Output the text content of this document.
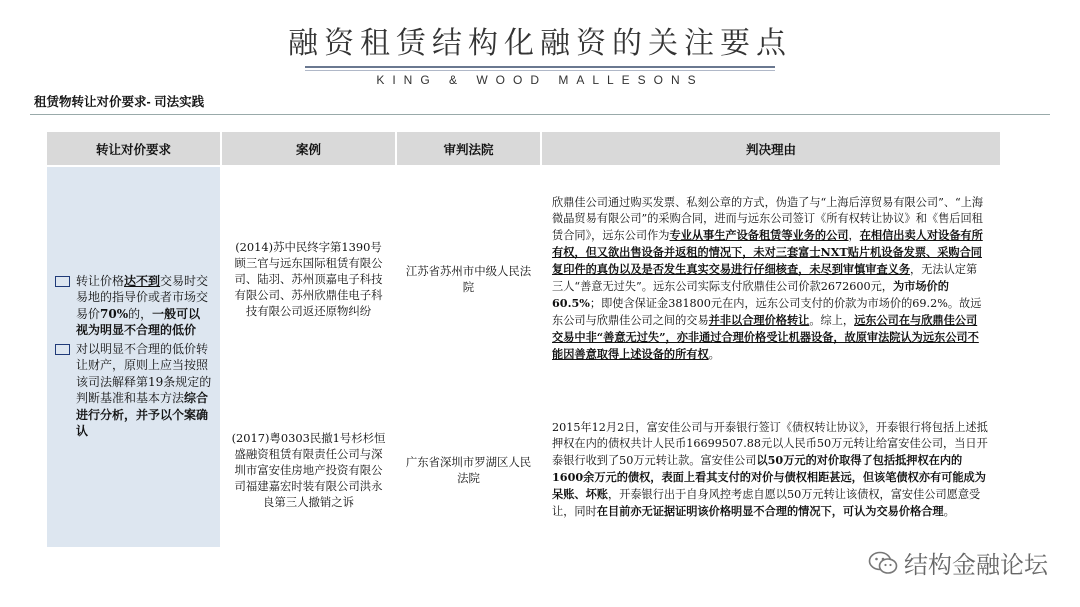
融资租赁结构化融资的关注要点
KING & WOOD MALLESONS
租赁物转让对价要求- 司法实践
转让对价要求	案例	审判法院	判决理由

转让价格达不到交易时交易地的指导价或者市场交易价70%的，一般可以视为明显不合理的低价
对以明显不合理的低价转让财产，原则上应当按照该司法解释第19条规定的判断基准和基本方法综合进行分析，并予以个案确认	(2014)苏中民终字第1390号顾三官与远东国际租赁有限公司、陆羽、苏州顶嘉电子科技有限公司、苏州欣鼎佳电子科技有限公司返还原物纠纷	江苏省苏州市中级人民法院	欣鼎佳公司通过购买发票、私刻公章的方式，伪造了与“上海后淳贸易有限公司”、“上海微晶贸易有限公司”的采购合同，进而与远东公司签订《所有权转让协议》和《售后回租赁合同》，远东公司作为专业从事生产设备租赁等业务的公司，在相信出卖人对设备有所有权，但又欲出售设备并返租的情况下，未对三套富士NXT贴片机设备发票、采购合同复印件的真伪以及是否发生真实交易进行仔细核查，未尽到审慎审查义务，无法认定第三人“善意无过失”。远东公司实际支付欣鼎佳公司价款2672600元，为市场价的60.5%；即使含保证金381800元在内，远东公司支付的价款为市场价的69.2%。故远东公司与欣鼎佳公司之间的交易并非以合理价格转让。综上，远东公司在与欣鼎佳公司交易中非“善意无过失”，亦非通过合理价格受让机器设备，故原审法院认为远东公司不能因善意取得上述设备的所有权。

	(2017)粤0303民撤1号杉杉恒盛融资租赁有限责任公司与深圳市富安佳房地产投资有限公司福建嘉宏时装有限公司洪永良第三人撤销之诉	广东省深圳市罗湖区人民法院	2015年12月2日，富安佳公司与开泰银行签订《债权转让协议》，开泰银行将包括上述抵押权在内的债权共计人民币16699507.88元以人民币50万元转让给富安佳公司，当日开泰银行收到了50万元转让款。富安佳公司以50万元的对价取得了包括抵押权在内的1600余万元的债权，表面上看其支付的对价与债权相距甚远，但该笔债权亦有可能成为呆账、坏账，开泰银行出于自身风控考虑自愿以50万元转让该债权，富安佳公司愿意受让，同时在目前亦无证据证明该价格明显不合理的情况下，可认为交易价格合理。
结构金融论坛
